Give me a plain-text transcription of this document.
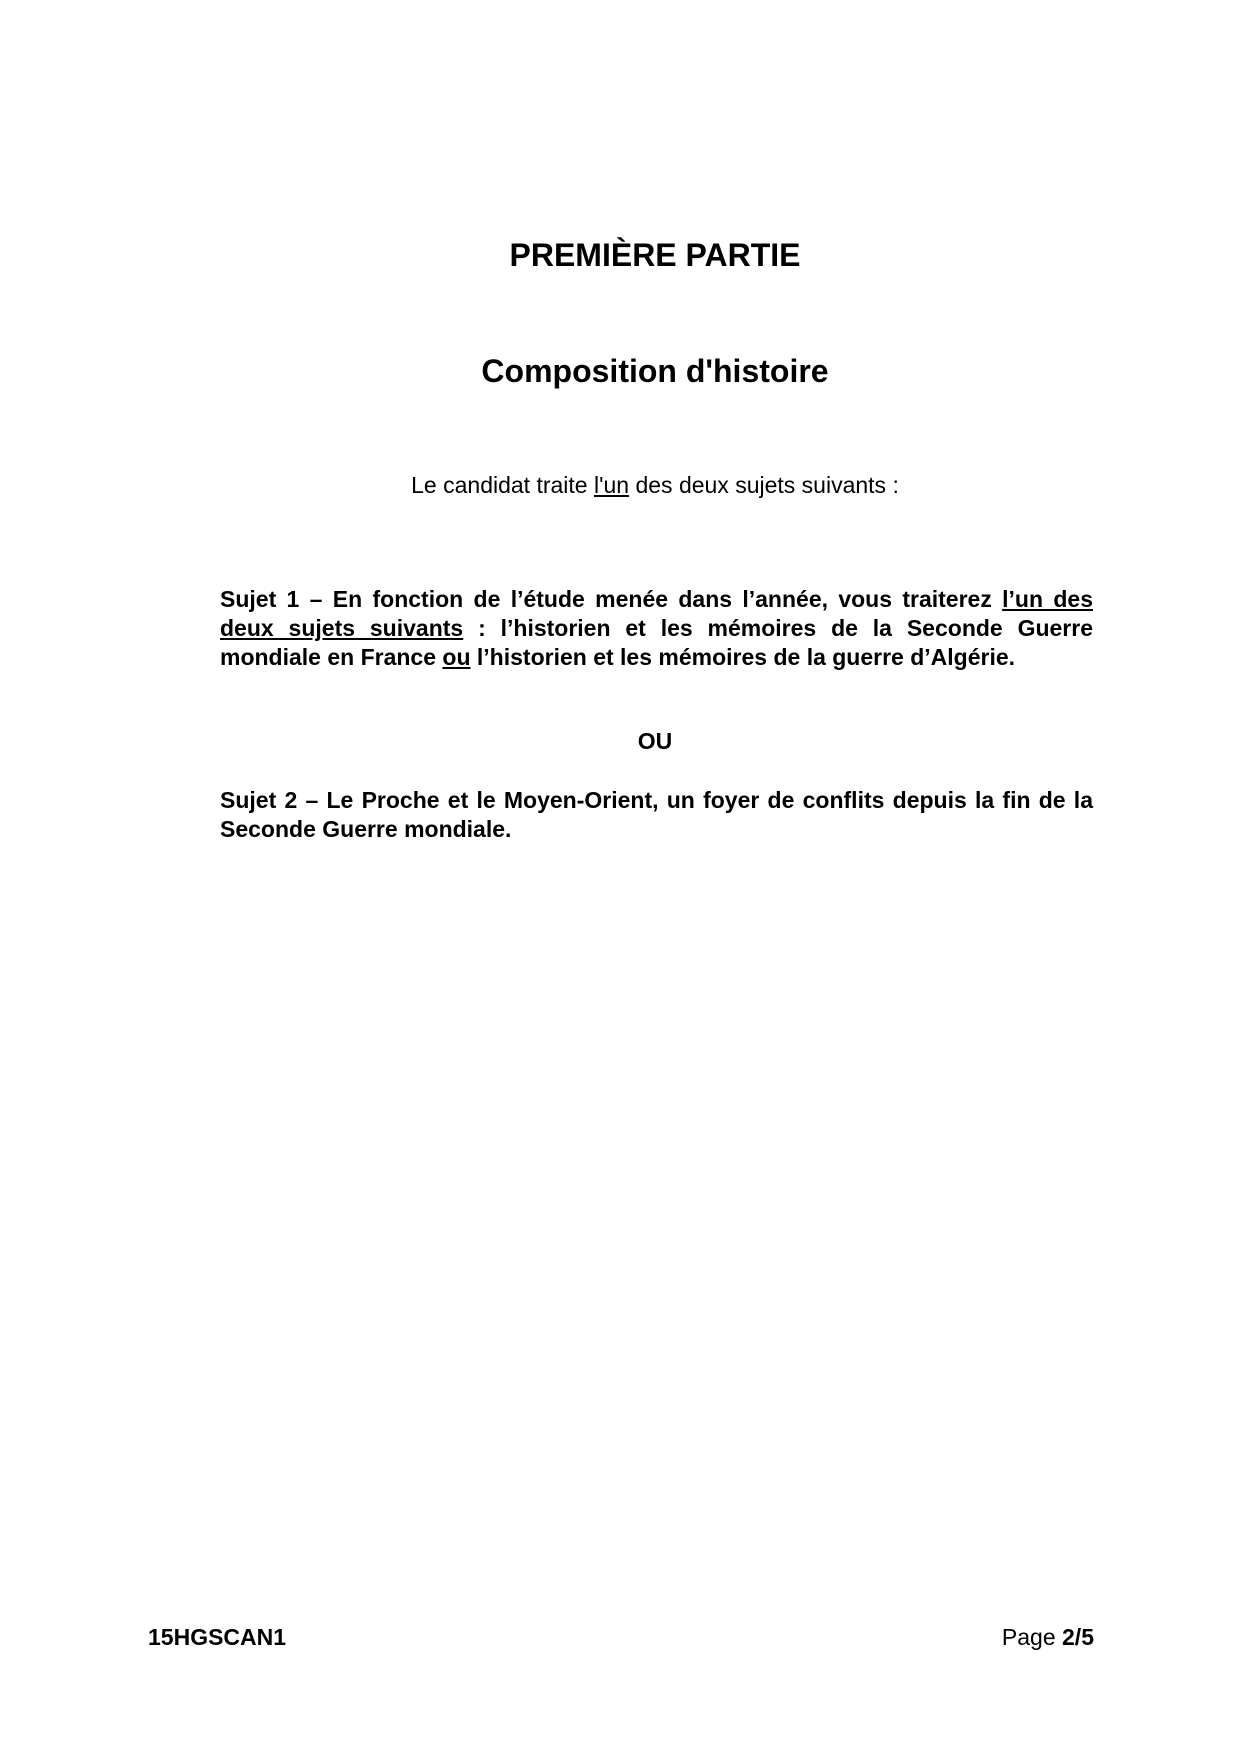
PREMIÈRE PARTIE
Composition d'histoire

Le candidat traite l'un des deux sujets suivants :

Sujet 1 – En fonction de l’étude menée dans l’année, vous traiterez l’un des deux sujets suivants : l’historien et les mémoires de la Seconde Guerre mondiale en France ou l’historien et les mémoires de la guerre d’Algérie.

OU

Sujet 2 – Le Proche et le Moyen-Orient, un foyer de conflits depuis la fin de la Seconde Guerre mondiale.

15HGSCAN1	Page 2/5
